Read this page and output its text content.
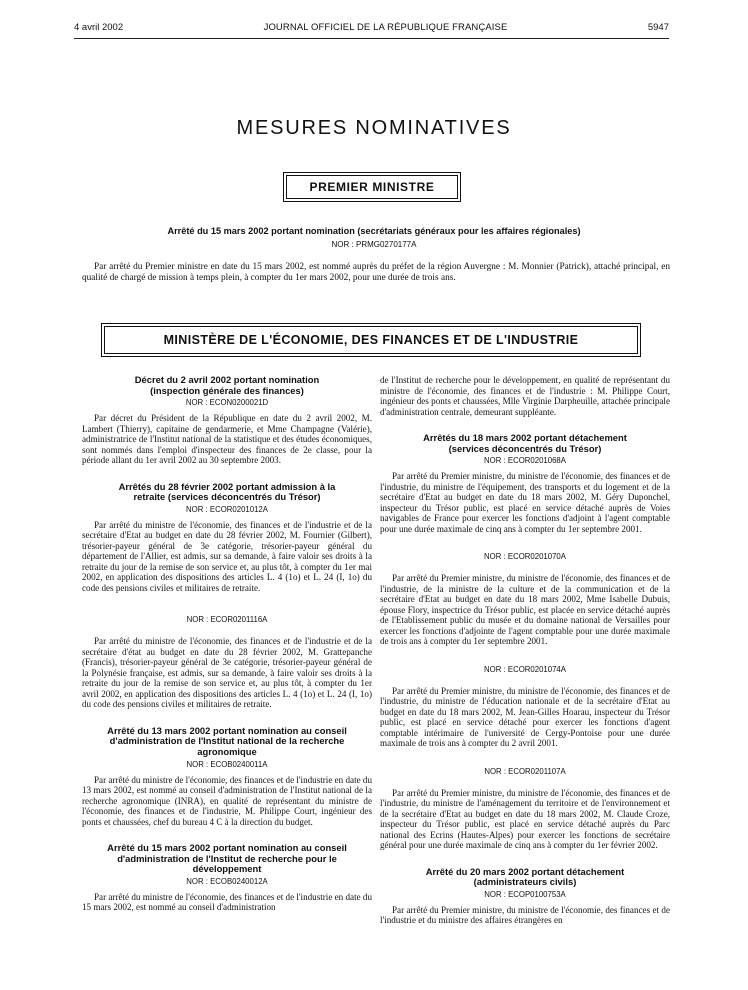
4 avril 2002	JOURNAL OFFICIEL DE LA RÉPUBLIQUE FRANÇAISE	5947
MESURES NOMINATIVES
PREMIER MINISTRE
Arrêté du 15 mars 2002 portant nomination (secrétariats généraux pour les affaires régionales)
NOR : PRMG0270177A
Par arrêté du Premier ministre en date du 15 mars 2002, est nommé auprès du préfet de la région Auvergne : M. Monnier (Patrick), attaché principal, en qualité de chargé de mission à temps plein, à compter du 1er mars 2002, pour une durée de trois ans.
MINISTÈRE DE L'ÉCONOMIE, DES FINANCES ET DE L'INDUSTRIE

Décret du 2 avril 2002 portant nomination (inspection générale des finances)

NOR : ECON0200021D

Par décret du Président de la République en date du 2 avril 2002, M. Lambert (Thierry), capitaine de gendarmerie, et Mme Champagne (Valérie), administratrice de l'Institut national de la statistique et des études économiques, sont nommés dans l'emploi d'inspecteur des finances de 2e classe, pour la période allant du 1er avril 2002 au 30 septembre 2003.

Arrêtés du 28 février 2002 portant admission à la retraite (services déconcentrés du Trésor)

NOR : ECOR0201012A

Par arrêté du ministre de l'économie, des finances et de l'industrie et de la secrétaire d'Etat au budget en date du 28 février 2002, M. Fournier (Gilbert), trésorier-payeur général de 3e catégorie, trésorier-payeur général du département de l'Allier, est admis, sur sa demande, à faire valoir ses droits à la retraite du jour de la remise de son service et, au plus tôt, à compter du 1er mai 2002, en application des dispositions des articles L. 4 (1o) et L. 24 (I, 1o) du code des pensions civiles et militaires de retraite.

NOR : ECOR0201116A

Par arrêté du ministre de l'économie, des finances et de l'industrie et de la secrétaire d'état au budget en date du 28 février 2002, M. Grattepanche (Francis), trésorier-payeur général de 3e catégorie, trésorier-payeur général de la Polynésie française, est admis, sur sa demande, à faire valoir ses droits à la retraite du jour de la remise de son service et, au plus tôt, à compter du 1er avril 2002, en application des dispositions des articles L. 4 (1o) et L. 24 (I, 1o) du code des pensions civiles et militaires de retraite.

Arrêté du 13 mars 2002 portant nomination au conseil d'administration de l'Institut national de la recherche agronomique

NOR : ECOB0240011A

Par arrêté du ministre de l'économie, des finances et de l'industrie en date du 13 mars 2002, est nommé au conseil d'administration de l'Institut national de la recherche agronomique (INRA), en qualité de représentant du ministre de l'économie, des finances et de l'industrie, M. Philippe Court, ingénieur des ponts et chaussées, chef du bureau 4 C à la direction du budget.

Arrêté du 15 mars 2002 portant nomination au conseil d'administration de l'Institut de recherche pour le développement

NOR : ECOB0240012A

Par arrêté du ministre de l'économie, des finances et de l'industrie en date du 15 mars 2002, est nommé au conseil d'administration

de l'Institut de recherche pour le développement, en qualité de représentant du ministre de l'économie, des finances et de l'industrie : M. Philippe Court, ingénieur des ponts et chaussées, Mlle Virginie Darpheuille, attachée principale d'administration centrale, demeurant suppléante.

Arrêtés du 18 mars 2002 portant détachement (services déconcentrés du Trésor)

NOR : ECOR0201068A

Par arrêté du Premier ministre, du ministre de l'économie, des finances et de l'industrie, du ministre de l'équipement, des transports et du logement et de la secrétaire d'Etat au budget en date du 18 mars 2002, M. Géry Duponchel, inspecteur du Trésor public, est placé en service détaché auprès de Voies navigables de France pour exercer les fonctions d'adjoint à l'agent comptable pour une durée maximale de cinq ans à compter du 1er septembre 2001.

NOR : ECOR0201070A

Par arrêté du Premier ministre, du ministre de l'économie, des finances et de l'industrie, de la ministre de la culture et de la communication et de la secrétaire d'Etat au budget en date du 18 mars 2002, Mme Isabelle Dubuis, épouse Flory, inspectrice du Trésor public, est placée en service détaché auprès de l'Etablissement public du musée et du domaine national de Versailles pour exercer les fonctions d'adjointe de l'agent comptable pour une durée maximale de trois ans à compter du 1er septembre 2001.

NOR : ECOR0201074A

Par arrêté du Premier ministre, du ministre de l'économie, des finances et de l'industrie, du ministre de l'éducation nationale et de la secrétaire d'Etat au budget en date du 18 mars 2002, M. Jean-Gilles Hoarau, inspecteur du Trésor public, est placé en service détaché pour exercer les fonctions d'agent comptable intérimaire de l'université de Cergy-Pontoise pour une durée maximale de trois ans à compter du 2 avril 2001.

NOR : ECOR0201107A

Par arrêté du Premier ministre, du ministre de l'économie, des finances et de l'industrie, du ministre de l'aménagement du territoire et de l'environnement et de la secrétaire d'Etat au budget en date du 18 mars 2002, M. Claude Croze, inspecteur du Trésor public, est placé en service détaché auprès du Parc national des Ecrins (Hautes-Alpes) pour exercer les fonctions de secrétaire général pour une durée maximale de cinq ans à compter du 1er février 2002.

Arrêté du 20 mars 2002 portant détachement (administrateurs civils)

NOR : ECOP0100753A

Par arrêté du Premier ministre, du ministre de l'économie, des finances et de l'industrie et du ministre des affaires étrangères en
